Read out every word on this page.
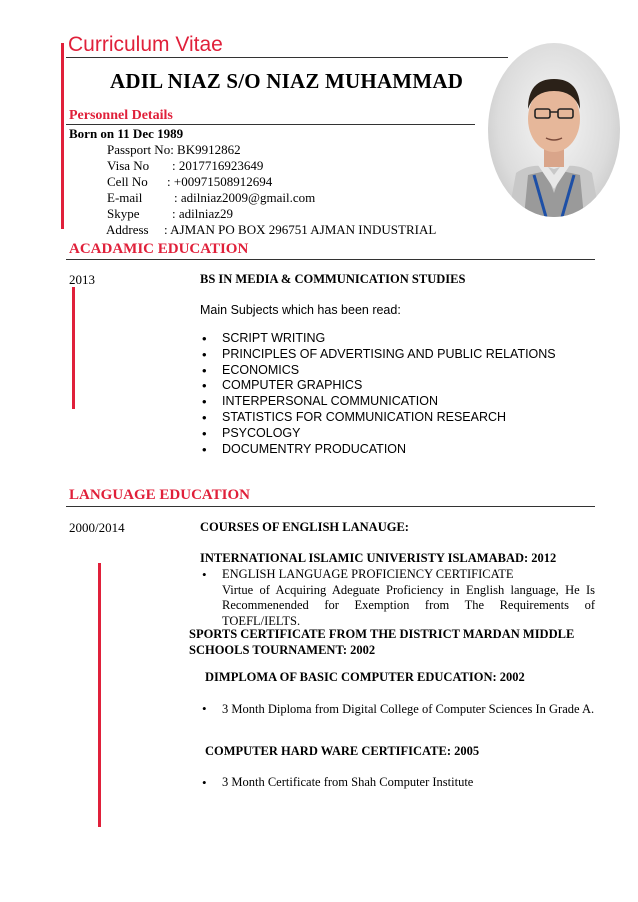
Curriculum Vitae
ADIL NIAZ S/O NIAZ MUHAMMAD
Personnel Details
Born on 11 Dec 1989
Passport No: BK9912862
Visa No : 2017716923649
Cell No : +00971508912694
E-mail : adilniaz2009@gmail.com
Skype	: adilniaz29
Address : AJMAN PO BOX 296751 AJMAN INDUSTRIAL
ACADAMIC EDUCATION
2013	BS IN MEDIA & COMMUNICATION STUDIES
Main Subjects which has been read:
• SCRIPT WRITING
• PRINCIPLES OF ADVERTISING AND PUBLIC RELATIONS
• ECONOMICS
• COMPUTER GRAPHICS
• INTERPERSONAL COMMUNICATION
• STATISTICS FOR COMMUNICATION RESEARCH
• PSYCOLOGY
• DOCUMENTRY PRODUCATION
LANGUAGE EDUCATION
2000/2014	COURSES OF ENGLISH LANAUGE:
INTERNATIONAL ISLAMIC UNIVERISTY ISLAMABAD: 2012
• ENGLISH LANGUAGE PROFICIENCY CERTIFICATE
Virtue of Acquiring Adeguate Proficiency in English language, He Is Recommenended for Exemption from The Requirements of TOEFL/IELTS.
SPORTS CERTIFICATE FROM THE DISTRICT MARDAN MIDDLE SCHOOLS TOURNAMENT: 2002
DIMPLOMA OF BASIC COMPUTER EDUCATION: 2002
• 3 Month Diploma from Digital College of Computer Sciences In Grade A.
COMPUTER HARD WARE CERTIFICATE: 2005
• 3 Month Certificate from Shah Computer Institute
